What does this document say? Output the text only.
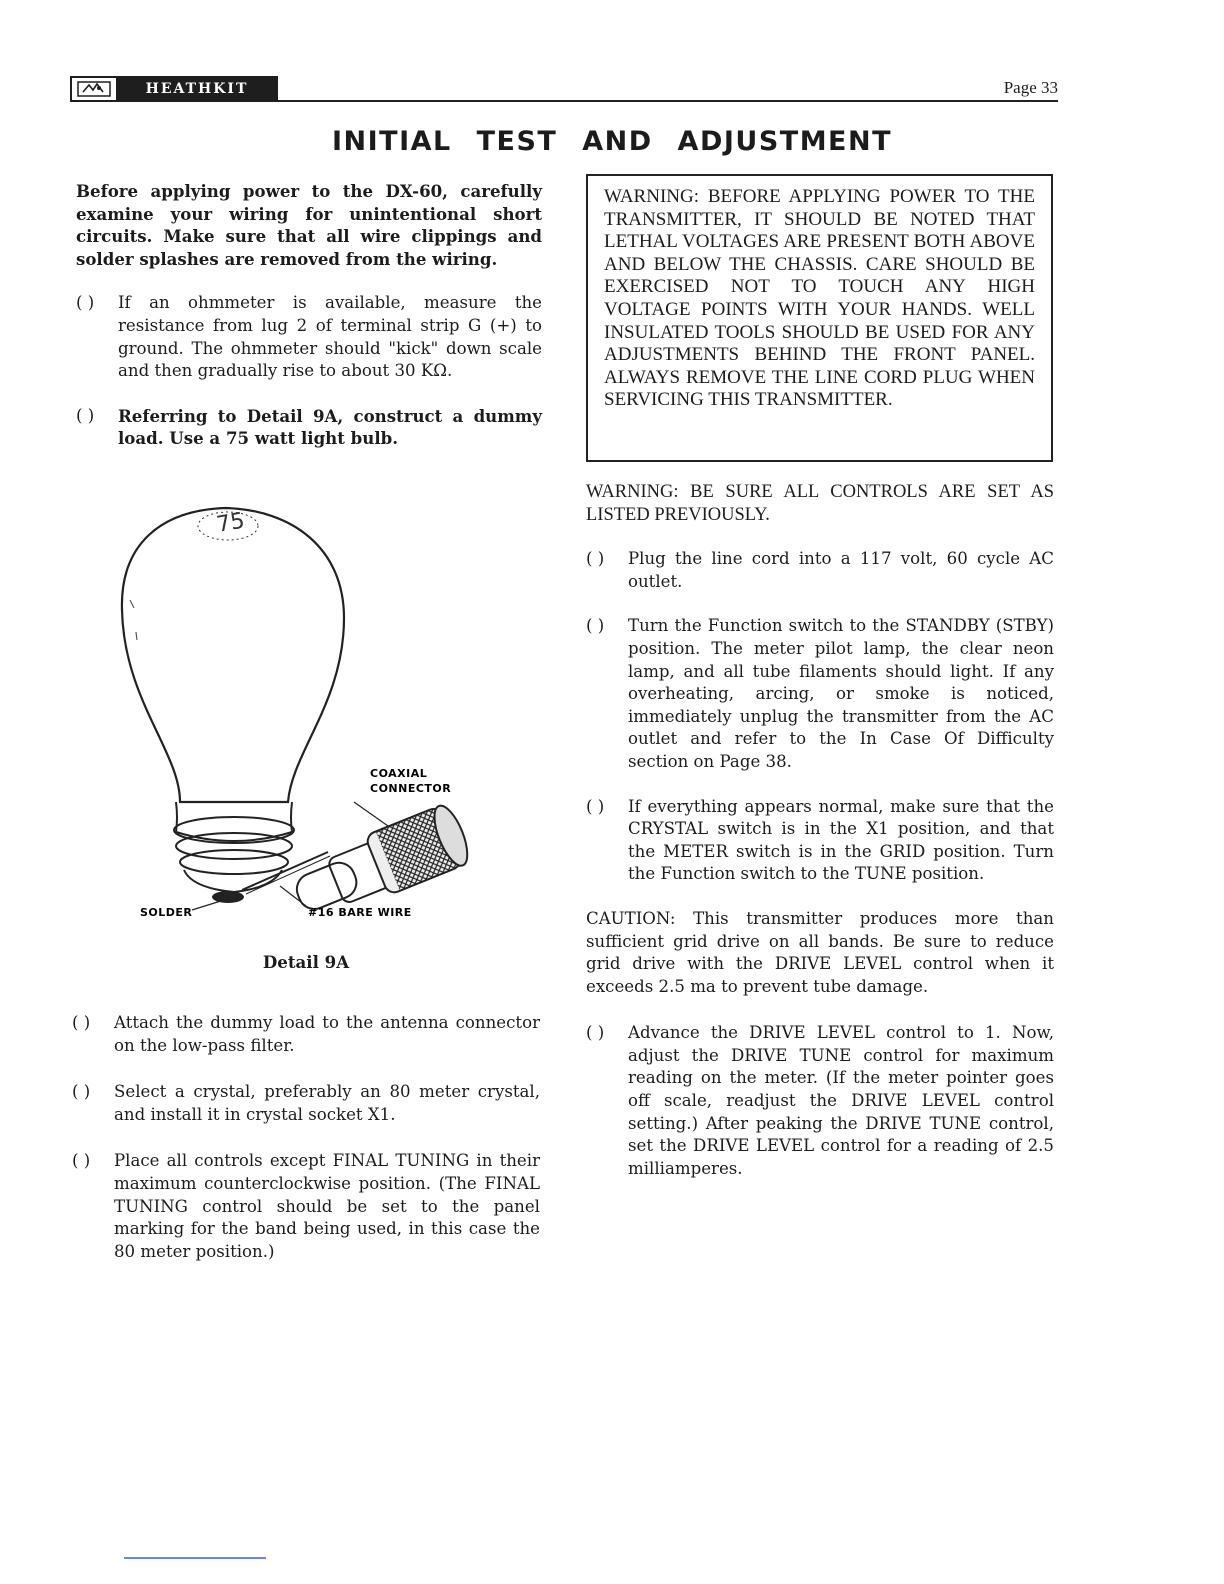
HEATHKIT	Page 33
INITIAL TEST AND ADJUSTMENT
Before applying power to the DX-60, carefully examine your wiring for unintentional short circuits. Make sure that all wire clippings and solder splashes are removed from the wiring.
( )	If an ohmmeter is available, measure the resistance from lug 2 of terminal strip G (+) to ground. The ohmmeter should "kick" down scale and then gradually rise to about 30 KΩ.
( )	Referring to Detail 9A, construct a dummy load. Use a 75 watt light bulb.
75
COAXIAL
CONNECTOR
SOLDER	#16 BARE WIRE
Detail 9A
( )	Attach the dummy load to the antenna connector on the low-pass filter.
( )	Select a crystal, preferably an 80 meter crystal, and install it in crystal socket X1.
( )	Place all controls except FINAL TUNING in their maximum counterclockwise position. (The FINAL TUNING control should be set to the panel marking for the band being used, in this case the 80 meter position.)
WARNING: BEFORE APPLYING POWER TO THE TRANSMITTER, IT SHOULD BE NOTED THAT LETHAL VOLTAGES ARE PRESENT BOTH ABOVE AND BELOW THE CHASSIS. CARE SHOULD BE EXERCISED NOT TO TOUCH ANY HIGH VOLTAGE POINTS WITH YOUR HANDS. WELL INSULATED TOOLS SHOULD BE USED FOR ANY ADJUSTMENTS BEHIND THE FRONT PANEL. ALWAYS REMOVE THE LINE CORD PLUG WHEN SERVICING THIS TRANSMITTER.
WARNING: BE SURE ALL CONTROLS ARE SET AS LISTED PREVIOUSLY.
( )	Plug the line cord into a 117 volt, 60 cycle AC outlet.
( )	Turn the Function switch to the STANDBY (STBY) position. The meter pilot lamp, the clear neon lamp, and all tube filaments should light. If any overheating, arcing, or smoke is noticed, immediately unplug the transmitter from the AC outlet and refer to the In Case Of Difficulty section on Page 38.
( )	If everything appears normal, make sure that the CRYSTAL switch is in the X1 position, and that the METER switch is in the GRID position. Turn the Function switch to the TUNE position.
CAUTION: This transmitter produces more than sufficient grid drive on all bands. Be sure to reduce grid drive with the DRIVE LEVEL control when it exceeds 2.5 ma to prevent tube damage.
( )	Advance the DRIVE LEVEL control to 1. Now, adjust the DRIVE TUNE control for maximum reading on the meter. (If the meter pointer goes off scale, readjust the DRIVE LEVEL control setting.) After peaking the DRIVE TUNE control, set the DRIVE LEVEL control for a reading of 2.5 milliamperes.
